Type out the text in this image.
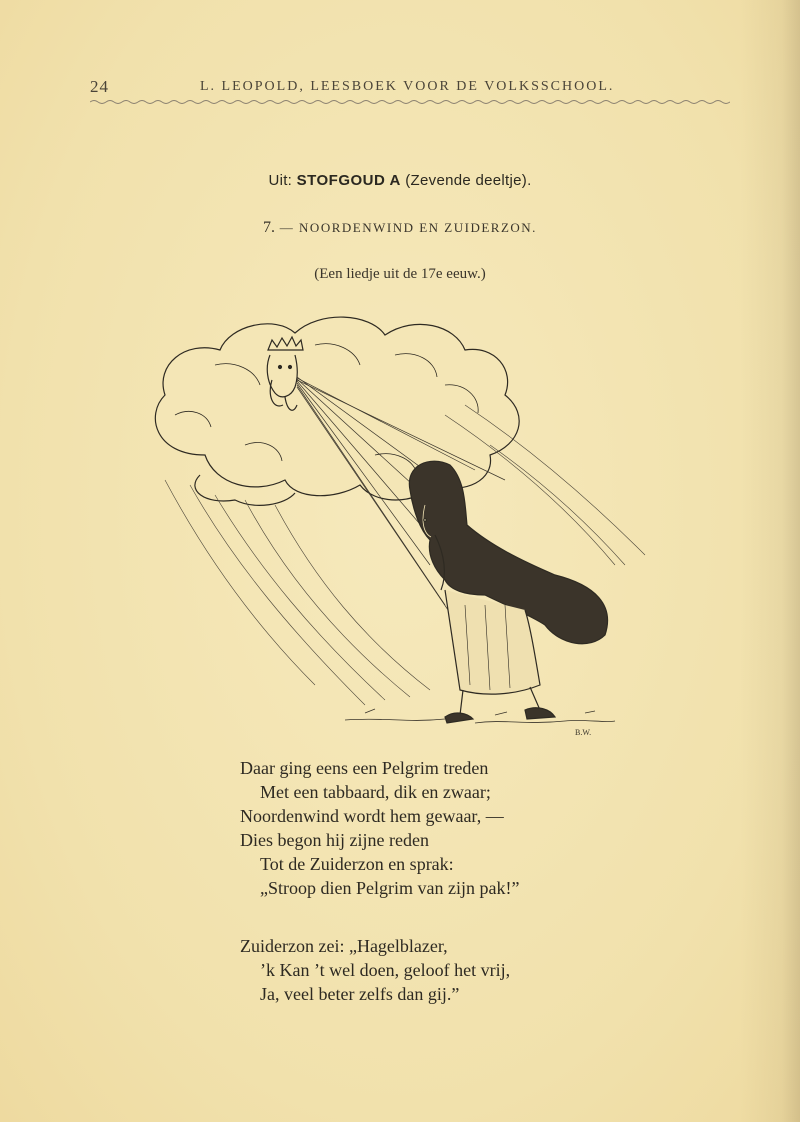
24	L. LEOPOLD, LEESBOEK VOOR DE VOLKSSCHOOL.
Uit: STOFGOUD A (Zevende deeltje).
7. — NOORDENWIND EN ZUIDERZON.
(Een liedje uit de 17e eeuw.)
B.W.
Daar ging eens een Pelgrim treden
Met een tabbaard, dik en zwaar;
Noordenwind wordt hem gewaar, —
Dies begon hij zijne reden
Tot de Zuiderzon en sprak:
„Stroop dien Pelgrim van zijn pak!”
Zuiderzon zei: „Hagelblazer,
’k Kan ’t wel doen, geloof het vrij,
Ja, veel beter zelfs dan gij.”
